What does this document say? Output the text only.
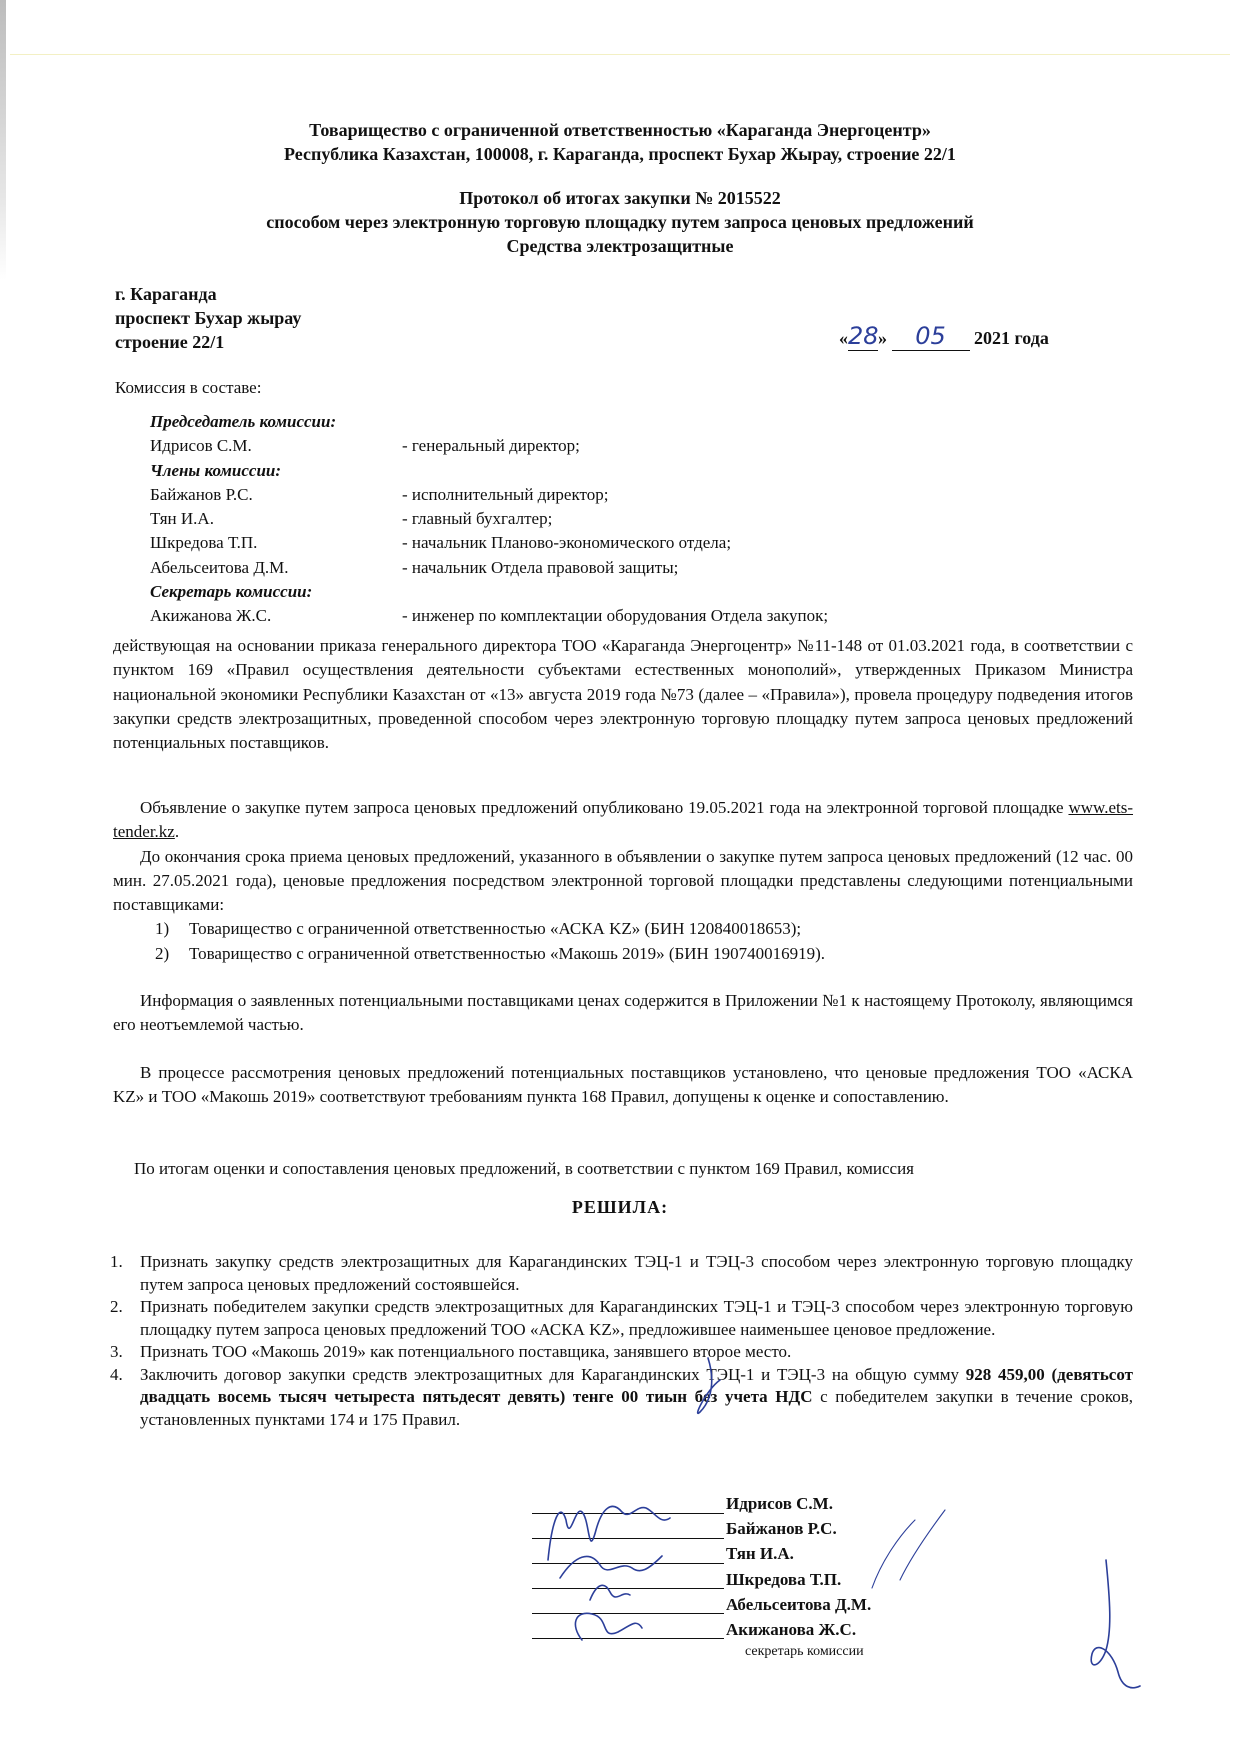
Товарищество с ограниченной ответственностью «Караганда Энергоцентр»
Республика Казахстан, 100008, г. Караганда, проспект Бухар Жырау, строение 22/1
Протокол об итогах закупки № 2015522
способом через электронную торговую площадку путем запроса ценовых предложений
Средства электрозащитные
г. Караганда
проспект Бухар жырау
строение 22/1	«28» 05 2021 года
Комиссия в составе:
Председатель комиссии:
Идрисов С.М.	- генеральный директор;
Члены комиссии:
Байжанов Р.С.	- исполнительный директор;
Тян И.А.	- главный бухгалтер;
Шкредова Т.П.	- начальник Планово-экономического отдела;
Абельсеитова Д.М.	- начальник Отдела правовой защиты;
Секретарь комиссии:
Акижанова Ж.С.	- инженер по комплектации оборудования Отдела закупок;
действующая на основании приказа генерального директора ТОО «Караганда Энергоцентр» №11-148 от 01.03.2021 года, в соответствии с пунктом 169 «Правил осуществления деятельности субъектами естественных монополий», утвержденных Приказом Министра национальной экономики Республики Казахстан от «13» августа 2019 года №73 (далее – «Правила»), провела процедуру подведения итогов закупки средств электрозащитных, проведенной способом через электронную торговую площадку путем запроса ценовых предложений потенциальных поставщиков.
Объявление о закупке путем запроса ценовых предложений опубликовано 19.05.2021 года на электронной торговой площадке www.ets-tender.kz.
До окончания срока приема ценовых предложений, указанного в объявлении о закупке путем запроса ценовых предложений (12 час. 00 мин. 27.05.2021 года), ценовые предложения посредством электронной торговой площадки представлены следующими потенциальными поставщиками:
1)	Товарищество с ограниченной ответственностью «АСКА KZ» (БИН 120840018653);
2)	Товарищество с ограниченной ответственностью «Макошь 2019» (БИН 190740016919).
Информация о заявленных потенциальными поставщиками ценах содержится в Приложении №1 к настоящему Протоколу, являющимся его неотъемлемой частью.
В процессе рассмотрения ценовых предложений потенциальных поставщиков установлено, что ценовые предложения ТОО «АСКА KZ» и ТОО «Макошь 2019» соответствуют требованиям пункта 168 Правил, допущены к оценке и сопоставлению.
По итогам оценки и сопоставления ценовых предложений, в соответствии с пунктом 169 Правил, комиссия
РЕШИЛА:
1.	Признать закупку средств электрозащитных для Карагандинских ТЭЦ-1 и ТЭЦ-3 способом через электронную торговую площадку путем запроса ценовых предложений состоявшейся.
2.	Признать победителем закупки средств электрозащитных для Карагандинских ТЭЦ-1 и ТЭЦ-3 способом через электронную торговую площадку путем запроса ценовых предложений ТОО «АСКА KZ», предложившее наименьшее ценовое предложение.
3.	Признать ТОО «Макошь 2019» как потенциального поставщика, занявшего второе место.
4.	Заключить договор закупки средств электрозащитных для Карагандинских ТЭЦ-1 и ТЭЦ-3 на общую сумму 928 459,00 (девятьсот двадцать восемь тысяч четыреста пятьдесят девять) тенге 00 тиын без учета НДС с победителем закупки в течение сроков, установленных пунктами 174 и 175 Правил.
Идрисов С.М.
Байжанов Р.С.
Тян И.А.
Шкредова Т.П.
Абельсеитова Д.М.
Акижанова Ж.С.
секретарь комиссии
